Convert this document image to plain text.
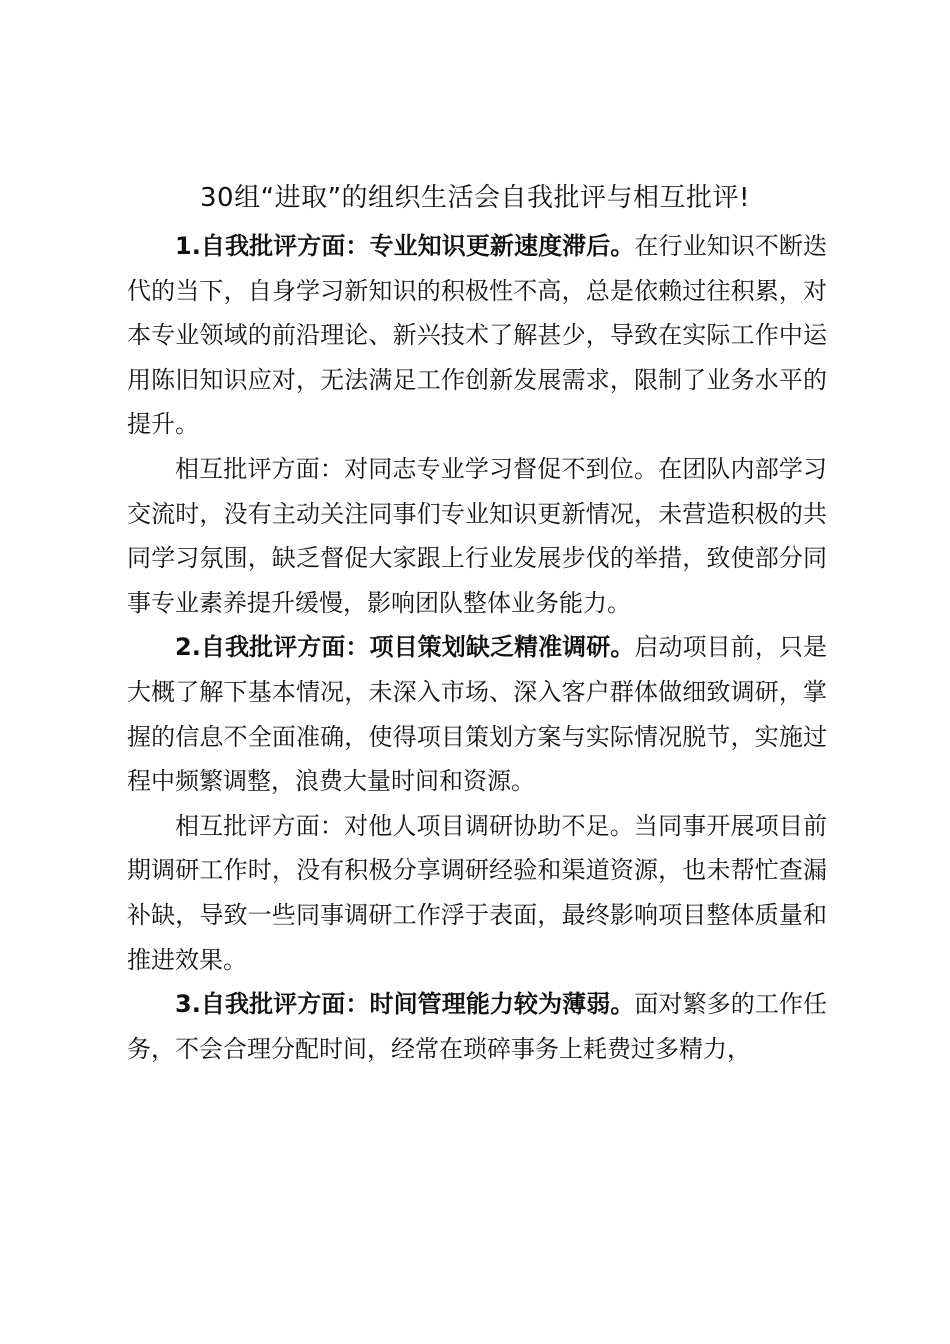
30组“进取”的组织生活会自我批评与相互批评!

1.自我批评方面：专业知识更新速度滞后。在行业知识不断迭代的当下，自身学习新知识的积极性不高，总是依赖过往积累，对本专业领域的前沿理论、新兴技术了解甚少，导致在实际工作中运用陈旧知识应对，无法满足工作创新发展需求，限制了业务水平的提升。

相互批评方面：对同志专业学习督促不到位。在团队内部学习交流时，没有主动关注同事们专业知识更新情况，未营造积极的共同学习氛围，缺乏督促大家跟上行业发展步伐的举措，致使部分同事专业素养提升缓慢，影响团队整体业务能力。

2.自我批评方面：项目策划缺乏精准调研。启动项目前，只是大概了解下基本情况，未深入市场、深入客户群体做细致调研，掌握的信息不全面准确，使得项目策划方案与实际情况脱节，实施过程中频繁调整，浪费大量时间和资源。

相互批评方面：对他人项目调研协助不足。当同事开展项目前期调研工作时，没有积极分享调研经验和渠道资源，也未帮忙查漏补缺，导致一些同事调研工作浮于表面，最终影响项目整体质量和推进效果。

3.自我批评方面：时间管理能力较为薄弱。面对繁多的工作任务，不会合理分配时间，经常在琐碎事务上耗费过多精力，
